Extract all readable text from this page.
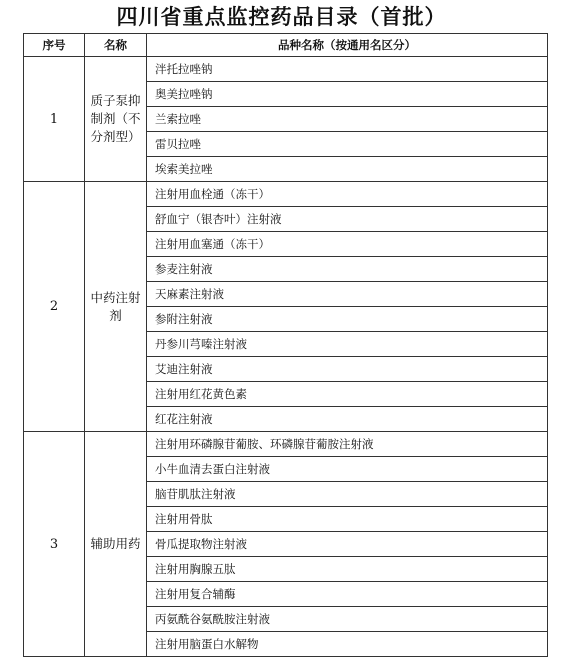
四川省重点监控药品目录（首批）
序号	名称	品种名称（按通用名区分）
1	质子泵抑制剂（不分剂型）	泮托拉唑钠
		奥美拉唑钠
		兰索拉唑
		雷贝拉唑
		埃索美拉唑
2	中药注射剂	注射用血栓通（冻干）
		舒血宁（银杏叶）注射液
		注射用血塞通（冻干）
		参麦注射液
		天麻素注射液
		参附注射液
		丹参川芎嗪注射液
		艾迪注射液
		注射用红花黄色素
		红花注射液
3	辅助用药	注射用环磷腺苷葡胺、环磷腺苷葡胺注射液
		小牛血清去蛋白注射液
		脑苷肌肽注射液
		注射用骨肽
		骨瓜提取物注射液
		注射用胸腺五肽
		注射用复合辅酶
		丙氨酰谷氨酰胺注射液
		注射用脑蛋白水解物
